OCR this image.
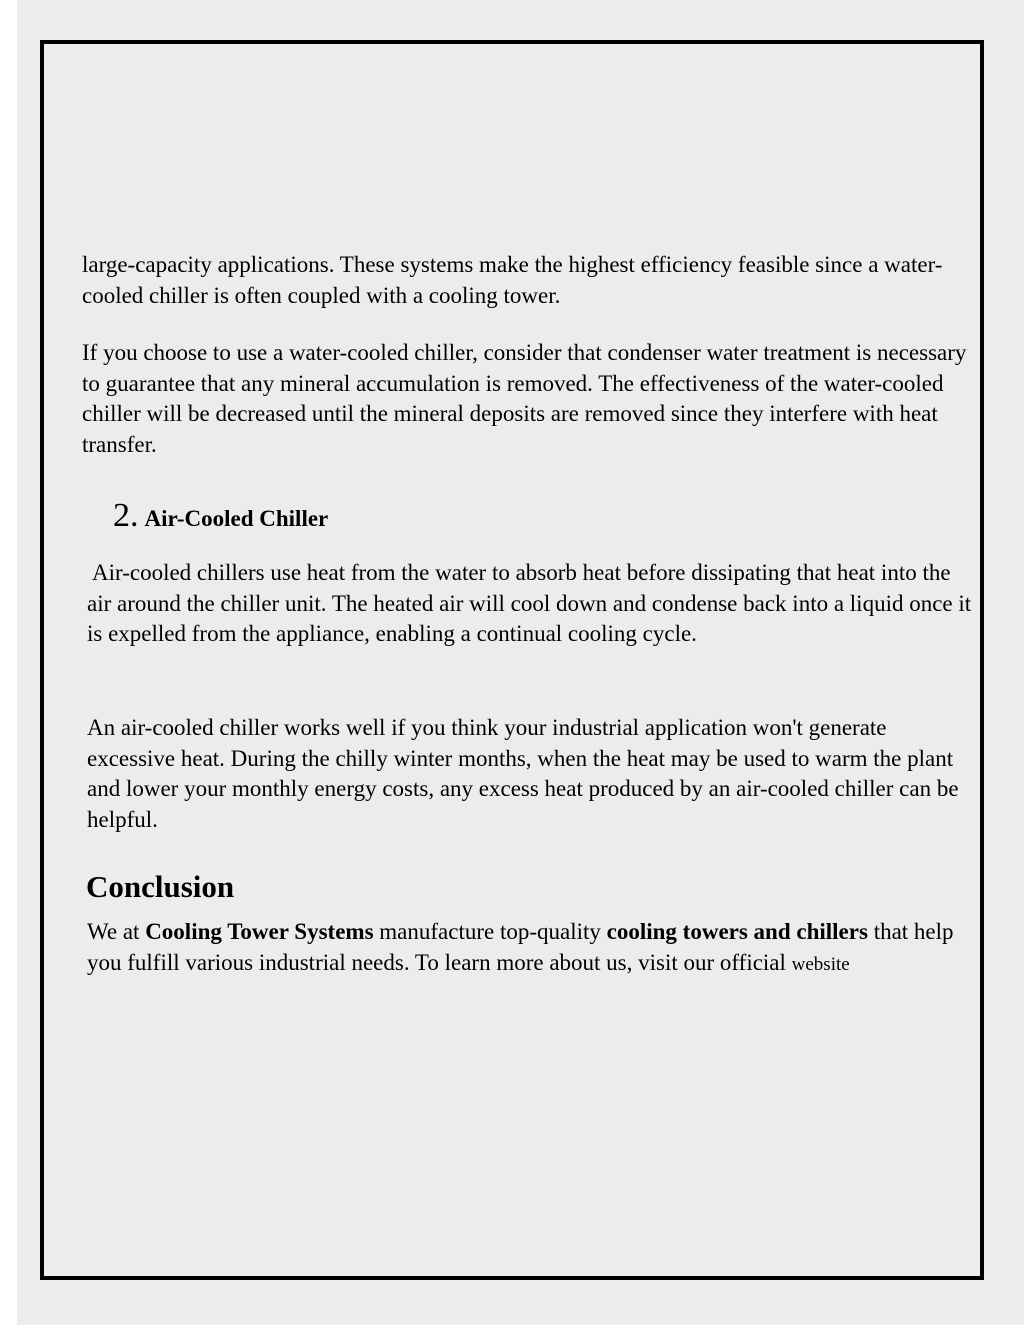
large-capacity applications. These systems make the highest efficiency feasible since a water-cooled chiller is often coupled with a cooling tower.

If you choose to use a water-cooled chiller, consider that condenser water treatment is necessary to guarantee that any mineral accumulation is removed. The effectiveness of the water-cooled chiller will be decreased until the mineral deposits are removed since they interfere with heat transfer.

2. Air-Cooled Chiller

Air-cooled chillers use heat from the water to absorb heat before dissipating that heat into the air around the chiller unit. The heated air will cool down and condense back into a liquid once it is expelled from the appliance, enabling a continual cooling cycle.

An air-cooled chiller works well if you think your industrial application won't generate excessive heat. During the chilly winter months, when the heat may be used to warm the plant and lower your monthly energy costs, any excess heat produced by an air-cooled chiller can be helpful.

Conclusion

We at Cooling Tower Systems manufacture top-quality cooling towers and chillers that help you fulfill various industrial needs. To learn more about us, visit our official website
